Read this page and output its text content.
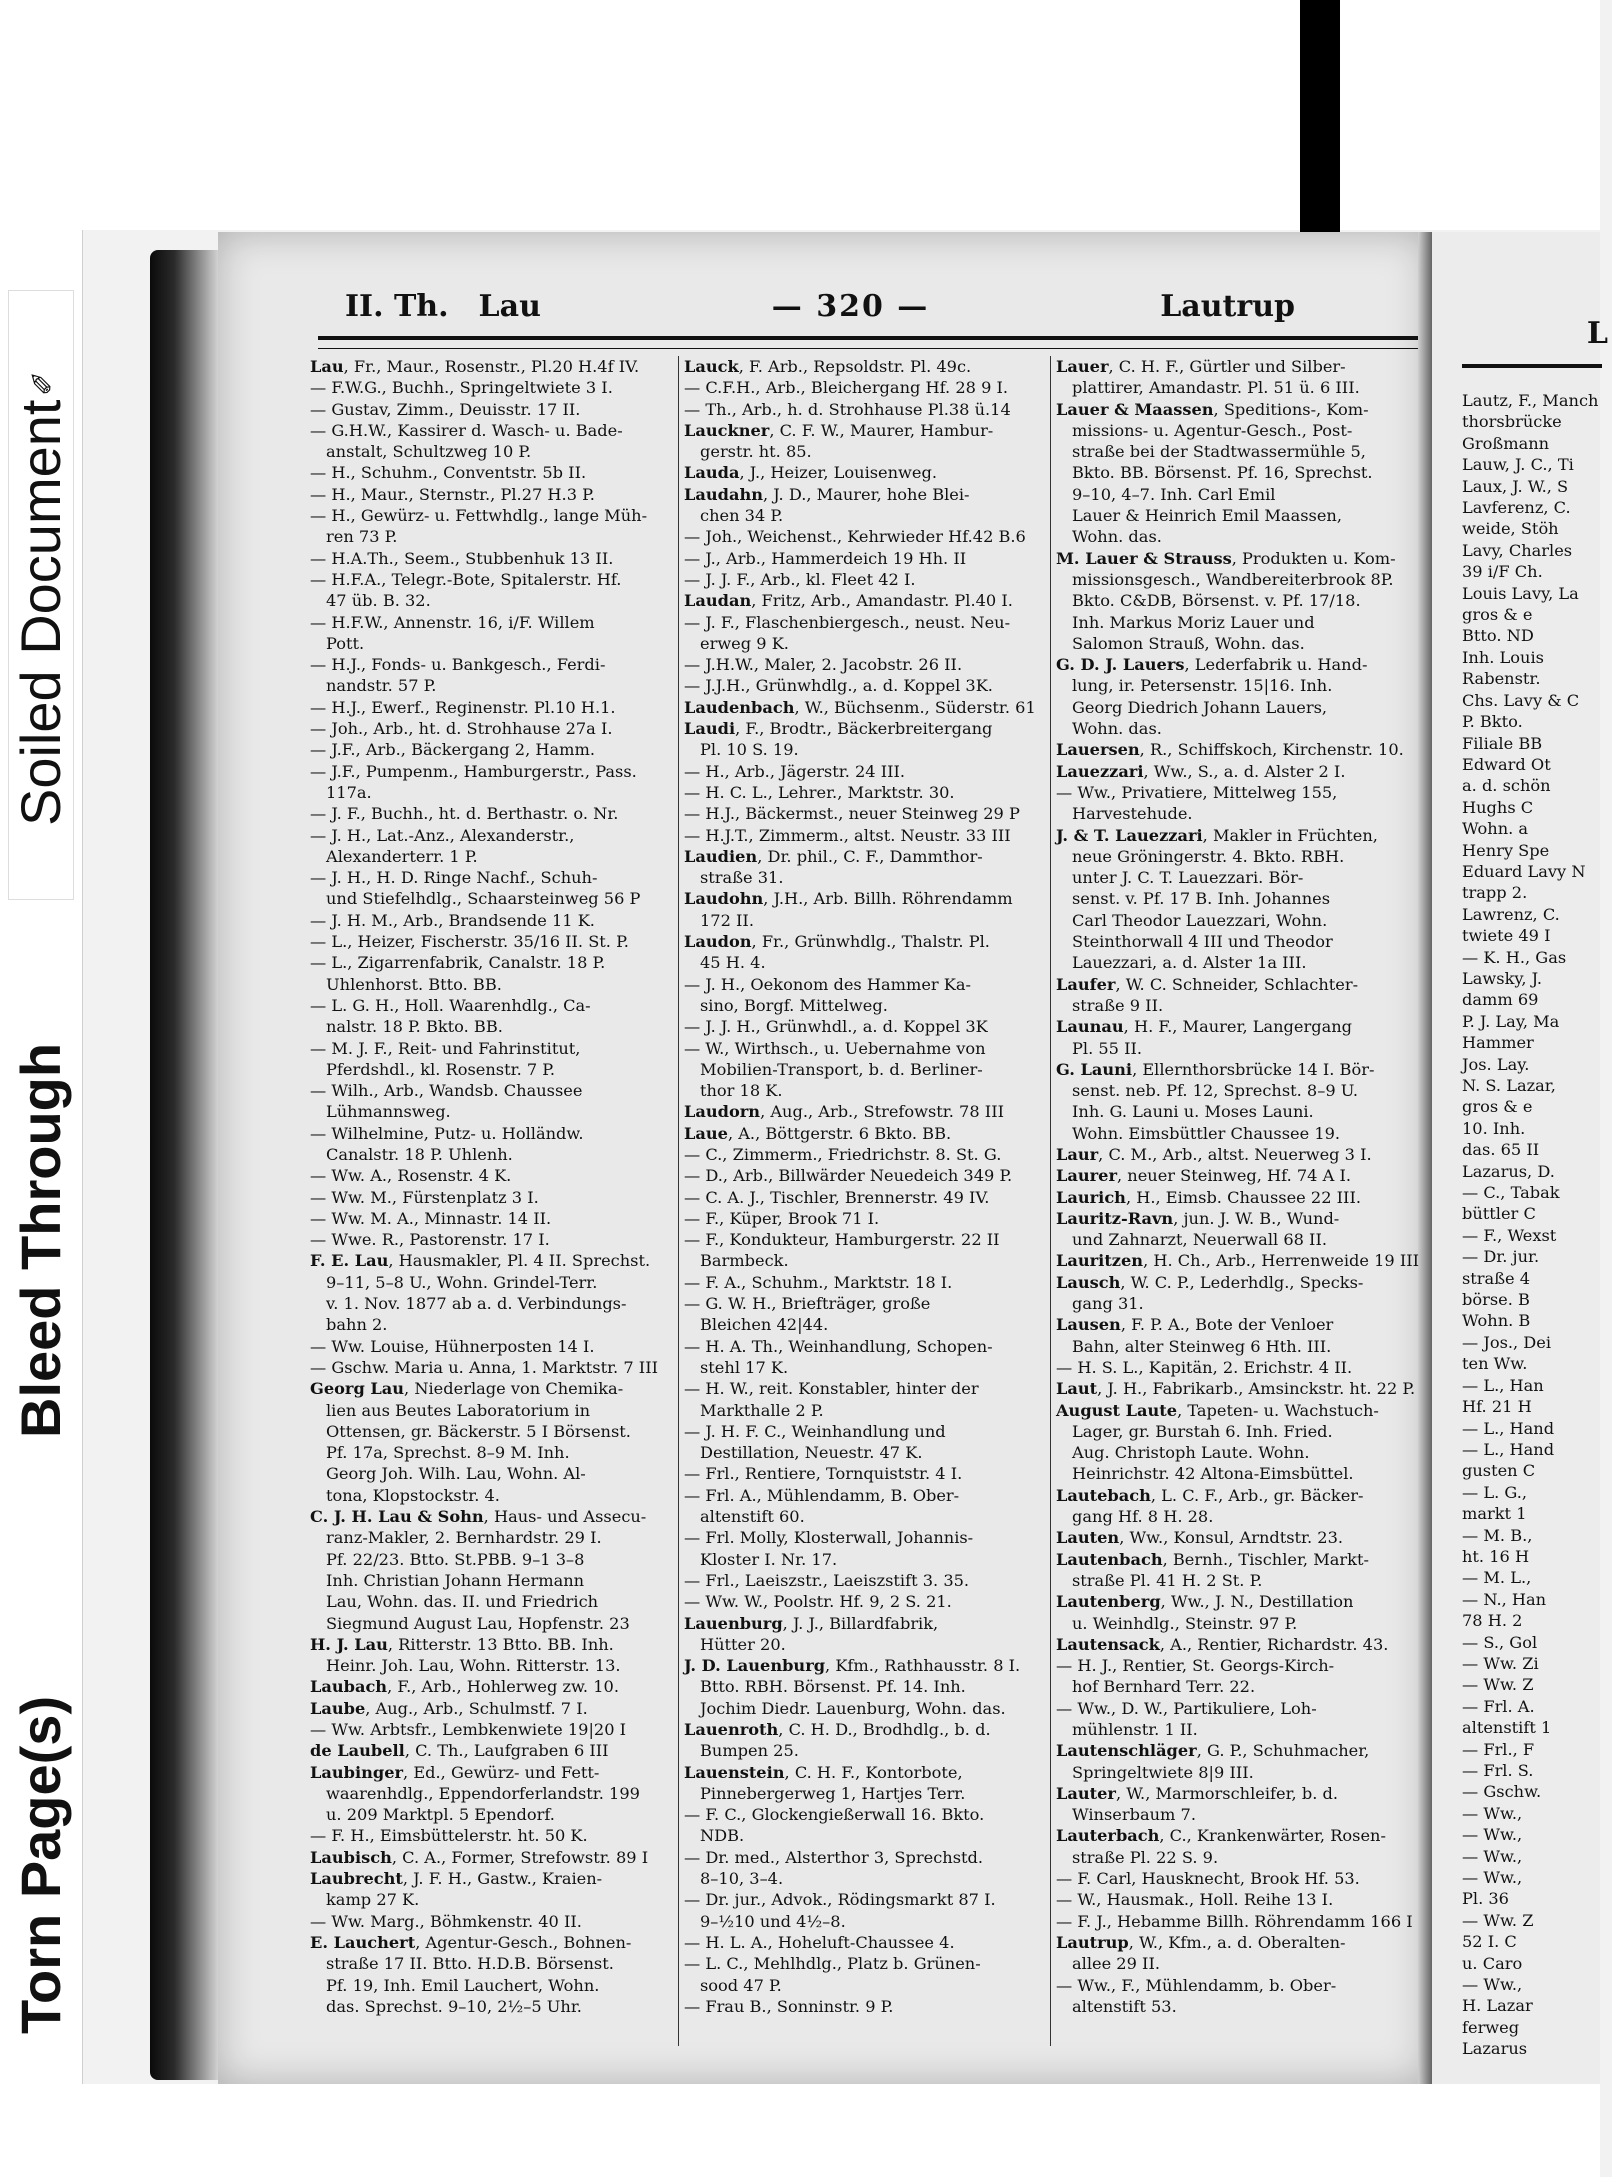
Torn Page(s)
Bleed Through
Soiled Document
✎
II. Th. Lau	— 320 —	Lautrup
Lau, Fr., Maur., Rosenstr., Pl.20 H.4f IV.
— F.W.G., Buchh., Springeltwiete 3 I.
— Gustav, Zimm., Deuisstr. 17 II.
— G.H.W., Kassirer d. Wasch- u. Bade-
anstalt, Schultzweg 10 P.
— H., Schuhm., Conventstr. 5b II.
— H., Maur., Sternstr., Pl.27 H.3 P.
— H., Gewürz- u. Fettwhdlg., lange Müh-
ren 73 P.
— H.A.Th., Seem., Stubbenhuk 13 II.
— H.F.A., Telegr.-Bote, Spitalerstr. Hf.
47 üb. B. 32.
— H.F.W., Annenstr. 16, i/F. Willem
Pott.
— H.J., Fonds- u. Bankgesch., Ferdi-
nandstr. 57 P.
— H.J., Ewerf., Reginenstr. Pl.10 H.1.
— Joh., Arb., ht. d. Strohhause 27a I.
— J.F., Arb., Bäckergang 2, Hamm.
— J.F., Pumpenm., Hamburgerstr., Pass.
117a.
— J. F., Buchh., ht. d. Berthastr. o. Nr.
— J. H., Lat.-Anz., Alexanderstr.,
Alexanderterr. 1 P.
— J. H., H. D. Ringe Nachf., Schuh-
und Stiefelhdlg., Schaarsteinweg 56 P
— J. H. M., Arb., Brandsende 11 K.
— L., Heizer, Fischerstr. 35/16 II. St. P.
— L., Zigarrenfabrik, Canalstr. 18 P.
Uhlenhorst. Btto. BB.
— L. G. H., Holl. Waarenhdlg., Ca-
nalstr. 18 P. Bkto. BB.
— M. J. F., Reit- und Fahrinstitut,
Pferdshdl., kl. Rosenstr. 7 P.
— Wilh., Arb., Wandsb. Chaussee
Lühmannsweg.
— Wilhelmine, Putz- u. Holländw.
Canalstr. 18 P. Uhlenh.
— Ww. A., Rosenstr. 4 K.
— Ww. M., Fürstenplatz 3 I.
— Ww. M. A., Minnastr. 14 II.
— Wwe. R., Pastorenstr. 17 I.
F. E. Lau, Hausmakler, Pl. 4 II. Sprechst.
9–11, 5–8 U., Wohn. Grindel-Terr.
v. 1. Nov. 1877 ab a. d. Verbindungs-
bahn 2.
— Ww. Louise, Hühnerposten 14 I.
— Gschw. Maria u. Anna, 1. Marktstr. 7 III
Georg Lau, Niederlage von Chemika-
lien aus Beutes Laboratorium in
Ottensen, gr. Bäckerstr. 5 I Börsenst.
Pf. 17a, Sprechst. 8–9 M. Inh.
Georg Joh. Wilh. Lau, Wohn. Al-
tona, Klopstockstr. 4.
C. J. H. Lau & Sohn, Haus- und Assecu-
ranz-Makler, 2. Bernhardstr. 29 I.
Pf. 22/23. Btto. St.PBB. 9–1 3–8
Inh. Christian Johann Hermann
Lau, Wohn. das. II. und Friedrich
Siegmund August Lau, Hopfenstr. 23
H. J. Lau, Ritterstr. 13 Btto. BB. Inh.
Heinr. Joh. Lau, Wohn. Ritterstr. 13.
Laubach, F., Arb., Hohlerweg zw. 10.
Laube, Aug., Arb., Schulmstf. 7 I.
— Ww. Arbtsfr., Lembkenwiete 19|20 I
de Laubell, C. Th., Laufgraben 6 III
Laubinger, Ed., Gewürz- und Fett-
waarenhdlg., Eppendorferlandstr. 199
u. 209 Marktpl. 5 Ependorf.
— F. H., Eimsbüttelerstr. ht. 50 K.
Laubisch, C. A., Former, Strefowstr. 89 I
Laubrecht, J. F. H., Gastw., Kraien-
kamp 27 K.
— Ww. Marg., Böhmkenstr. 40 II.
E. Lauchert, Agentur-Gesch., Bohnen-
straße 17 II. Btto. H.D.B. Börsenst.
Pf. 19, Inh. Emil Lauchert, Wohn.
das. Sprechst. 9–10, 2½–5 Uhr.
Lauck, F. Arb., Repsoldstr. Pl. 49c.
— C.F.H., Arb., Bleichergang Hf. 28 9 I.
— Th., Arb., h. d. Strohhause Pl.38 ü.14
Lauckner, C. F. W., Maurer, Hambur-
gerstr. ht. 85.
Lauda, J., Heizer, Louisenweg.
Laudahn, J. D., Maurer, hohe Blei-
chen 34 P.
— Joh., Weichenst., Kehrwieder Hf.42 B.6
— J., Arb., Hammerdeich 19 Hh. II
— J. J. F., Arb., kl. Fleet 42 I.
Laudan, Fritz, Arb., Amandastr. Pl.40 I.
— J. F., Flaschenbiergesch., neust. Neu-
erweg 9 K.
— J.H.W., Maler, 2. Jacobstr. 26 II.
— J.J.H., Grünwhdlg., a. d. Koppel 3K.
Laudenbach, W., Büchsenm., Süderstr. 61
Laudi, F., Brodtr., Bäckerbreitergang
Pl. 10 S. 19.
— H., Arb., Jägerstr. 24 III.
— H. C. L., Lehrer., Marktstr. 30.
— H.J., Bäckermst., neuer Steinweg 29 P
— H.J.T., Zimmerm., altst. Neustr. 33 III
Laudien, Dr. phil., C. F., Dammthor-
straße 31.
Laudohn, J.H., Arb. Billh. Röhrendamm
172 II.
Laudon, Fr., Grünwhdlg., Thalstr. Pl.
45 H. 4.
— J. H., Oekonom des Hammer Ka-
sino, Borgf. Mittelweg.
— J. J. H., Grünwhdl., a. d. Koppel 3K
— W., Wirthsch., u. Uebernahme von
Mobilien-Transport, b. d. Berliner-
thor 18 K.
Laudorn, Aug., Arb., Strefowstr. 78 III
Laue, A., Böttgerstr. 6 Bkto. BB.
— C., Zimmerm., Friedrichstr. 8. St. G.
— D., Arb., Billwärder Neuedeich 349 P.
— C. A. J., Tischler, Brennerstr. 49 IV.
— F., Küper, Brook 71 I.
— F., Kondukteur, Hamburgerstr. 22 II
Barmbeck.
— F. A., Schuhm., Marktstr. 18 I.
— G. W. H., Briefträger, große
Bleichen 42|44.
— H. A. Th., Weinhandlung, Schopen-
stehl 17 K.
— H. W., reit. Konstabler, hinter der
Markthalle 2 P.
— J. H. F. C., Weinhandlung und
Destillation, Neuestr. 47 K.
— Frl., Rentiere, Tornquiststr. 4 I.
— Frl. A., Mühlendamm, B. Ober-
altenstift 60.
— Frl. Molly, Klosterwall, Johannis-
Kloster I. Nr. 17.
— Frl., Laeiszstr., Laeiszstift 3. 35.
— Ww. W., Poolstr. Hf. 9, 2 S. 21.
Lauenburg, J. J., Billardfabrik,
Hütter 20.
J. D. Lauenburg, Kfm., Rathhausstr. 8 I.
Btto. RBH. Börsenst. Pf. 14. Inh.
Jochim Diedr. Lauenburg, Wohn. das.
Lauenroth, C. H. D., Brodhdlg., b. d.
Bumpen 25.
Lauenstein, C. H. F., Kontorbote,
Pinnebergerweg 1, Hartjes Terr.
— F. C., Glockengießerwall 16. Bkto.
NDB.
— Dr. med., Alsterthor 3, Sprechstd.
8–10, 3–4.
— Dr. jur., Advok., Rödingsmarkt 87 I.
9–½10 und 4½–8.
— H. L. A., Hoheluft-Chaussee 4.
— L. C., Mehlhdlg., Platz b. Grünen-
sood 47 P.
— Frau B., Sonninstr. 9 P.
Lauer, C. H. F., Gürtler und Silber-
plattirer, Amandastr. Pl. 51 ü. 6 III.
Lauer & Maassen, Speditions-, Kom-
missions- u. Agentur-Gesch., Post-
straße bei der Stadtwassermühle 5,
Bkto. BB. Börsenst. Pf. 16, Sprechst.
9–10, 4–7. Inh. Carl Emil
Lauer & Heinrich Emil Maassen,
Wohn. das.
M. Lauer & Strauss, Produkten u. Kom-
missionsgesch., Wandbereiterbrook 8P.
Bkto. C&DB, Börsenst. v. Pf. 17/18.
Inh. Markus Moriz Lauer und
Salomon Strauß, Wohn. das.
G. D. J. Lauers, Lederfabrik u. Hand-
lung, ir. Petersenstr. 15|16. Inh.
Georg Diedrich Johann Lauers,
Wohn. das.
Lauersen, R., Schiffskoch, Kirchenstr. 10.
Lauezzari, Ww., S., a. d. Alster 2 I.
— Ww., Privatiere, Mittelweg 155,
Harvestehude.
J. & T. Lauezzari, Makler in Früchten,
neue Gröningerstr. 4. Bkto. RBH.
unter J. C. T. Lauezzari. Bör-
senst. v. Pf. 17 B. Inh. Johannes
Carl Theodor Lauezzari, Wohn.
Steinthorwall 4 III und Theodor
Lauezzari, a. d. Alster 1a III.
Laufer, W. C. Schneider, Schlachter-
straße 9 II.
Launau, H. F., Maurer, Langergang
Pl. 55 II.
G. Launi, Ellernthorsbrücke 14 I. Bör-
senst. neb. Pf. 12, Sprechst. 8–9 U.
Inh. G. Launi u. Moses Launi.
Wohn. Eimsbüttler Chaussee 19.
Laur, C. M., Arb., altst. Neuerweg 3 I.
Laurer, neuer Steinweg, Hf. 74 A I.
Laurich, H., Eimsb. Chaussee 22 III.
Lauritz-Ravn, jun. J. W. B., Wund-
und Zahnarzt, Neuerwall 68 II.
Lauritzen, H. Ch., Arb., Herrenweide 19 III
Lausch, W. C. P., Lederhdlg., Specks-
gang 31.
Lausen, F. P. A., Bote der Venloer
Bahn, alter Steinweg 6 Hth. III.
— H. S. L., Kapitän, 2. Erichstr. 4 II.
Laut, J. H., Fabrikarb., Amsinckstr. ht. 22 P.
August Laute, Tapeten- u. Wachstuch-
Lager, gr. Burstah 6. Inh. Fried.
Aug. Christoph Laute. Wohn.
Heinrichstr. 42 Altona-Eimsbüttel.
Lautebach, L. C. F., Arb., gr. Bäcker-
gang Hf. 8 H. 28.
Lauten, Ww., Konsul, Arndtstr. 23.
Lautenbach, Bernh., Tischler, Markt-
straße Pl. 41 H. 2 St. P.
Lautenberg, Ww., J. N., Destillation
u. Weinhdlg., Steinstr. 97 P.
Lautensack, A., Rentier, Richardstr. 43.
— H. J., Rentier, St. Georgs-Kirch-
hof Bernhard Terr. 22.
— Ww., D. W., Partikuliere, Loh-
mühlenstr. 1 II.
Lautenschläger, G. P., Schuhmacher,
Springeltwiete 8|9 III.
Lauter, W., Marmorschleifer, b. d.
Winserbaum 7.
Lauterbach, C., Krankenwärter, Rosen-
straße Pl. 22 S. 9.
— F. Carl, Hausknecht, Brook Hf. 53.
— W., Hausmak., Holl. Reihe 13 I.
— F. J., Hebamme Billh. Röhrendamm 166 I
Lautrup, W., Kfm., a. d. Oberalten-
allee 29 II.
— Ww., F., Mühlendamm, b. Ober-
altenstift 53.
L
Lautz, F., Manch
thorsbrücke
Großmann
Lauw, J. C., Ti
Laux, J. W., S
Lavferenz, C.
weide, Stöh
Lavy, Charles
39 i/F Ch.
Louis Lavy, La
gros & e
Btto. ND
Inh. Louis
Rabenstr.
Chs. Lavy & C
P. Bkto.
Filiale BB
Edward Ot
a. d. schön
Hughs C
Wohn. a
Henry Spe
Eduard Lavy N
trapp 2.
Lawrenz, C.
twiete 49 I
— K. H., Gas
Lawsky, J.
damm 69
P. J. Lay, Ma
Hammer
Jos. Lay.
N. S. Lazar,
gros & e
10. Inh.
das. 65 II
Lazarus, D.
— C., Tabak
büttler C
— F., Wexst
— Dr. jur.
straße 4
börse. B
Wohn. B
— Jos., Dei
ten Ww.
— L., Han
Hf. 21 H
— L., Hand
— L., Hand
gusten C
— L. G.,
markt 1
— M. B.,
ht. 16 H
— M. L.,
— N., Han
78 H. 2
— S., Gol
— Ww. Zi
— Ww. Z
— Frl. A.
altenstift 1
— Frl., F
— Frl. S.
— Gschw.
— Ww.,
— Ww.,
— Ww.,
— Ww.,
Pl. 36
— Ww. Z
52 I. C
u. Caro
— Ww.,
H. Lazar
ferweg
Lazarus
